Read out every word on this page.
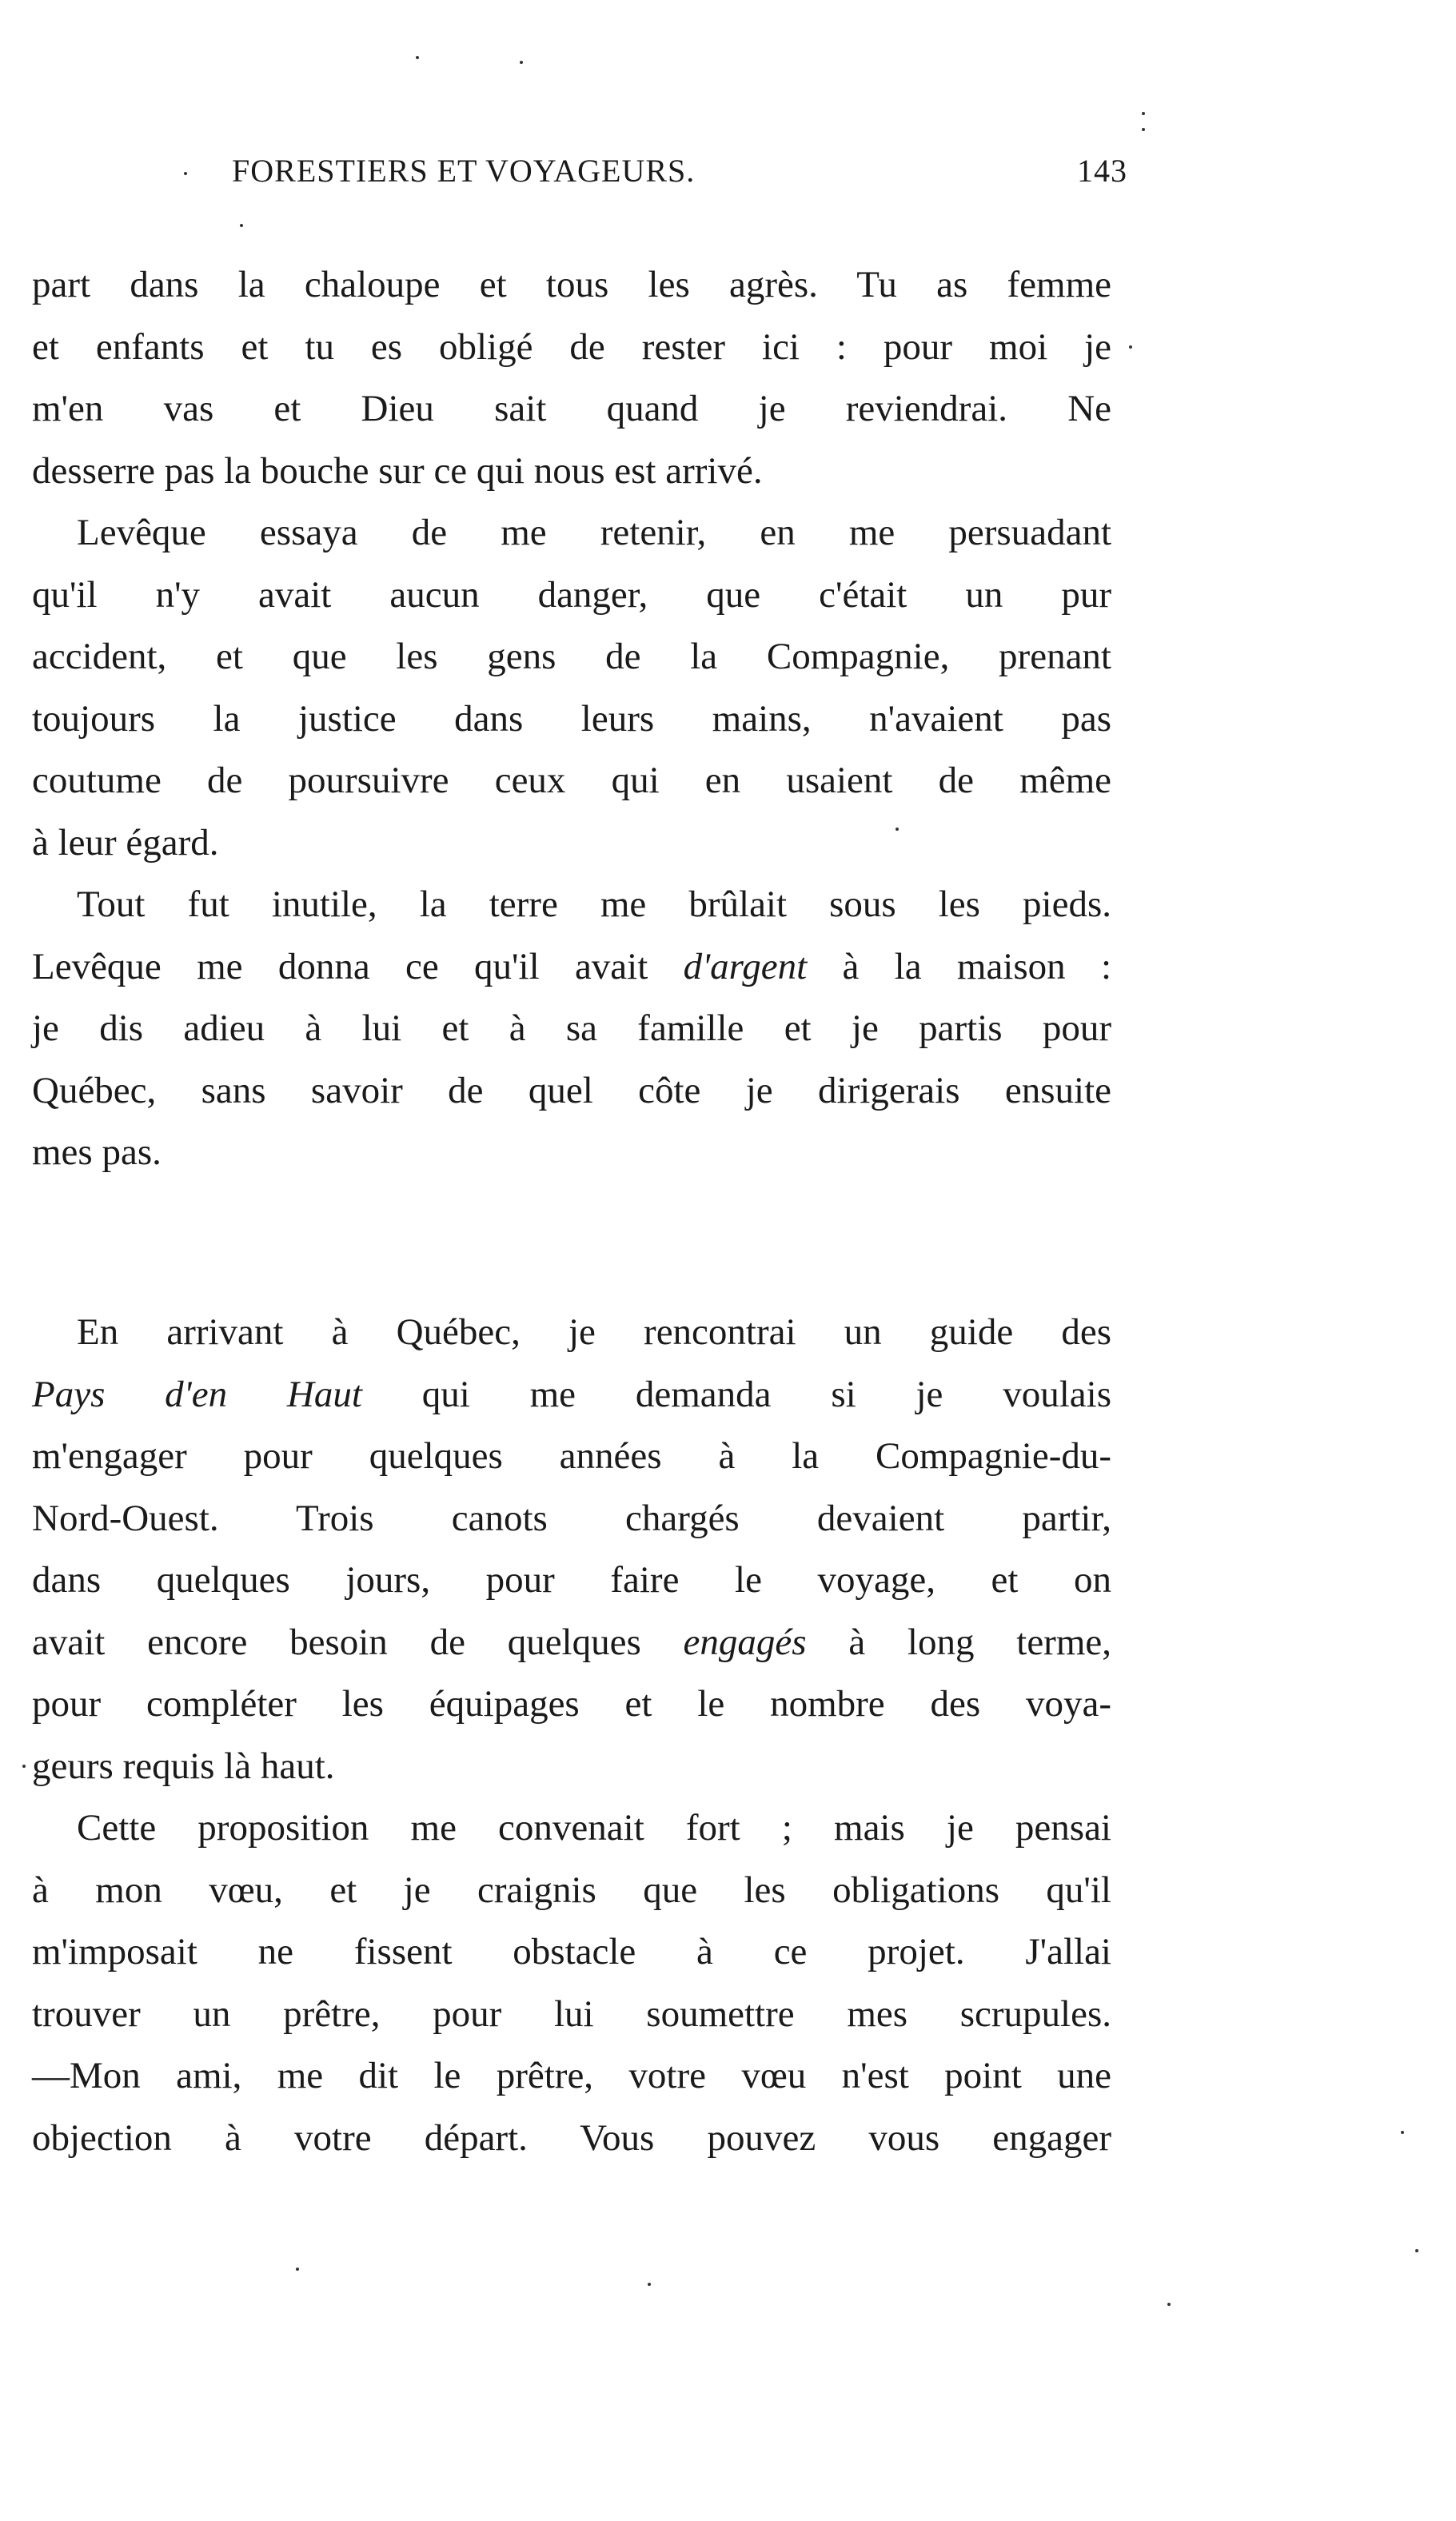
FORESTIERS ET VOYAGEURS.	143
part dans la chaloupe et tous les agrès. Tu as femme
et enfants et tu es obligé de rester ici : pour moi je
m'en vas et Dieu sait quand je reviendrai. Ne
desserre pas la bouche sur ce qui nous est arrivé.
Levêque essaya de me retenir, en me persuadant
qu'il n'y avait aucun danger, que c'était un pur
accident, et que les gens de la Compagnie, prenant
toujours la justice dans leurs mains, n'avaient pas
coutume de poursuivre ceux qui en usaient de même
à leur égard.
Tout fut inutile, la terre me brûlait sous les pieds.
Levêque me donna ce qu'il avait d'argent à la maison :
je dis adieu à lui et à sa famille et je partis pour
Québec, sans savoir de quel côte je dirigerais ensuite
mes pas.
En arrivant à Québec, je rencontrai un guide des
Pays d'en Haut qui me demanda si je voulais
m'engager pour quelques années à la Compagnie-du-
Nord-Ouest. Trois canots chargés devaient partir,
dans quelques jours, pour faire le voyage, et on
avait encore besoin de quelques engagés à long terme,
pour compléter les équipages et le nombre des voya-
geurs requis là haut.
Cette proposition me convenait fort ; mais je pensai
à mon vœu, et je craignis que les obligations qu'il
m'imposait ne fissent obstacle à ce projet. J'allai
trouver un prêtre, pour lui soumettre mes scrupules.
—Mon ami, me dit le prêtre, votre vœu n'est point une
objection à votre départ. Vous pouvez vous engager
